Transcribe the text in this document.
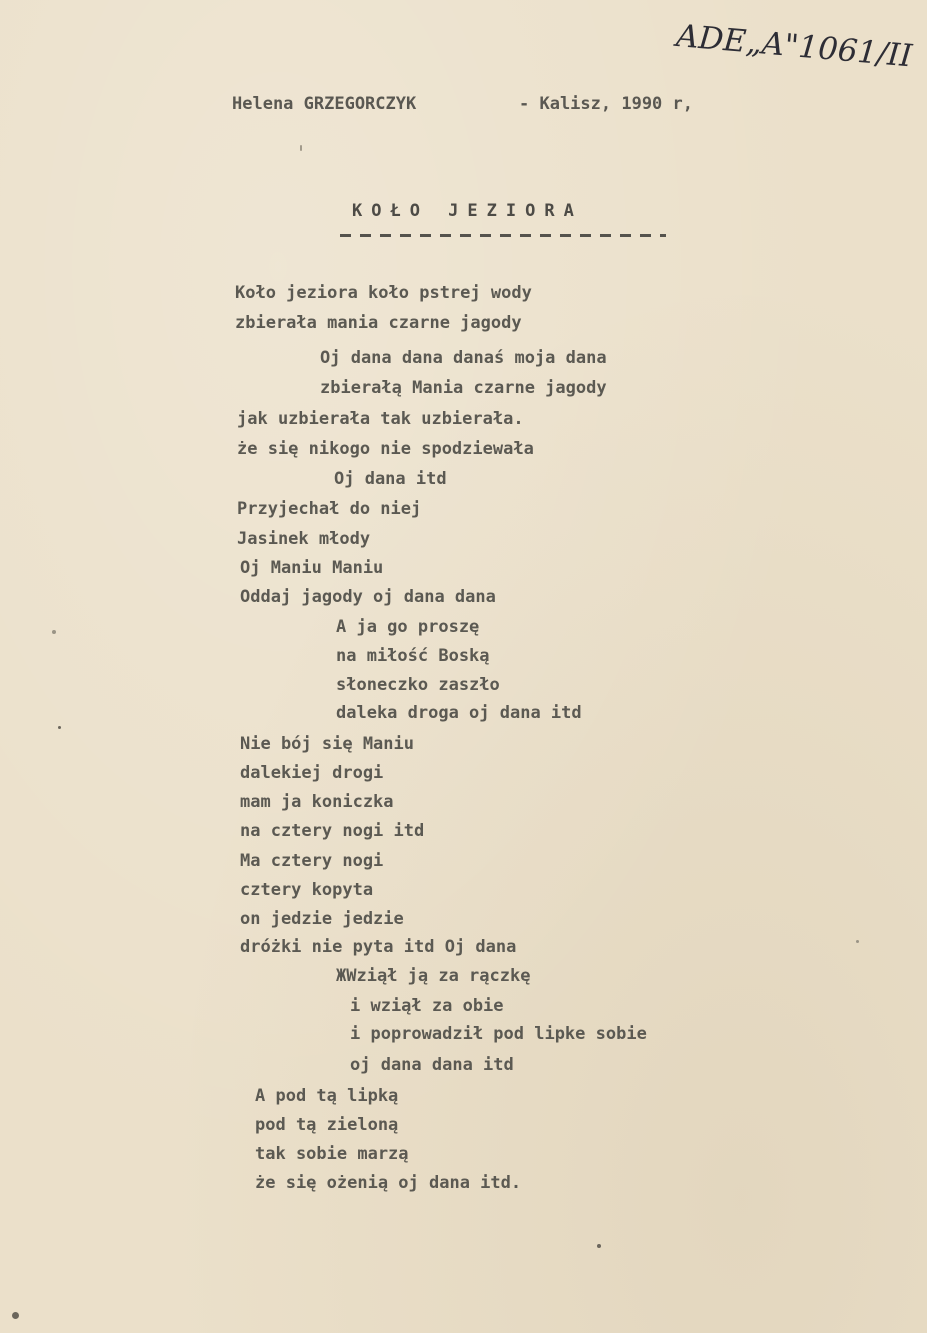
ADE„A"1061/II
Helena GRZEGORCZYK	- Kalisz, 1990 r,
KOŁO JEZIORA
Koło jeziora koło pstrej wody
zbierała mania czarne jagody
Oj dana dana danaś moja dana
zbierałą Mania czarne jagody
jak uzbierała tak uzbierała.
że się nikogo nie spodziewała
Oj dana itd
Przyjechał do niej
Jasinek młody
Oj Maniu Maniu
Oddaj jagody oj dana dana
A ja go proszę
na miłość Boską
słoneczko zaszło
daleka droga oj dana itd
Nie bój się Maniu
dalekiej drogi
mam ja koniczka
na cztery nogi itd
Ma cztery nogi
cztery kopyta
on jedzie jedzie
dróżki nie pyta itd Oj dana
ЖWziął ją za rączkę
i wziął za obie
i poprowadził pod lipke sobie
oj dana dana itd
A pod tą lipką
pod tą zieloną
tak sobie marzą
że się ożenią oj dana itd.
